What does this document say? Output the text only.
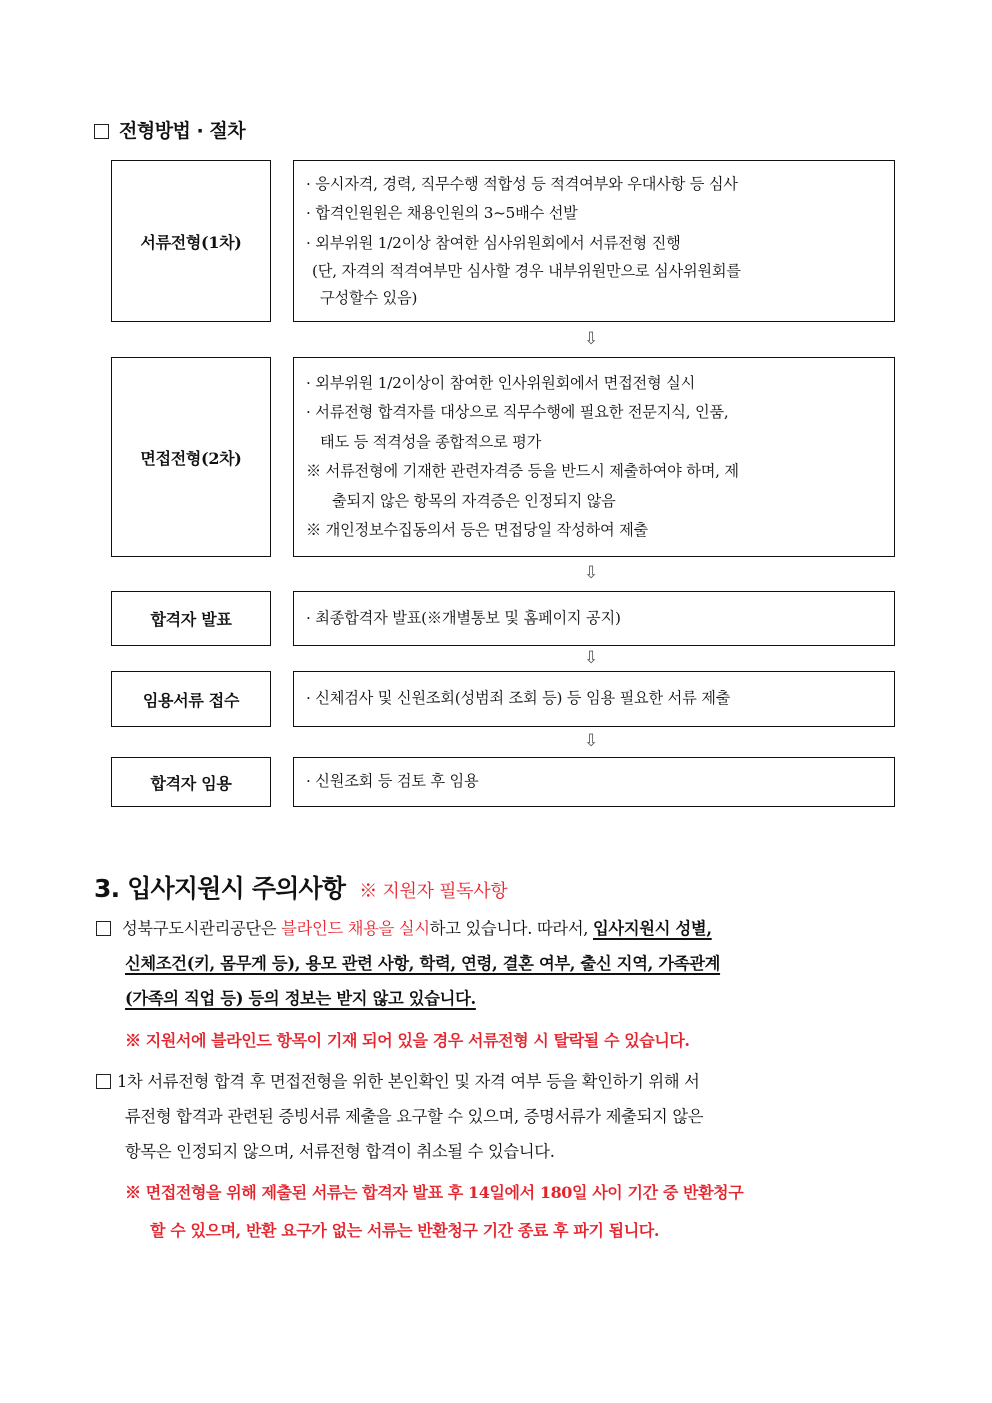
전형방법 · 절차
서류전형(1차)
· 응시자격, 경력, 직무수행 적합성 등 적격여부와 우대사항 등 심사
· 합격인원원은 채용인원의 3~5배수 선발
· 외부위원 1/2이상 참여한 심사위원회에서 서류전형 진행
(단, 자격의 적격여부만 심사할 경우 내부위원만으로 심사위원회를
구성할수 있음)
⇩
면접전형(2차)
· 외부위원 1/2이상이 참여한 인사위원회에서 면접전형 실시
· 서류전형 합격자를 대상으로 직무수행에 필요한 전문지식, 인품,
태도 등 적격성을 종합적으로 평가
※ 서류전형에 기재한 관련자격증 등을 반드시 제출하여야 하며, 제
출되지 않은 항목의 자격증은 인정되지 않음
※ 개인정보수집동의서 등은 면접당일 작성하여 제출
⇩
합격자 발표	· 최종합격자 발표(※개별통보 및 홈페이지 공지)
⇩
임용서류 접수	· 신체검사 및 신원조회(성범죄 조회 등) 등 임용 필요한 서류 제출
⇩
합격자 임용	· 신원조회 등 검토 후 임용
3. 입사지원시 주의사항 ※ 지원자 필독사항
성북구도시관리공단은 블라인드 채용을 실시하고 있습니다. 따라서, 입사지원시 성별,
신체조건(키, 몸무게 등), 용모 관련 사항, 학력, 연령, 결혼 여부, 출신 지역, 가족관계
(가족의 직업 등) 등의 정보는 받지 않고 있습니다.
※ 지원서에 블라인드 항목이 기재 되어 있을 경우 서류전형 시 탈락될 수 있습니다.
1차 서류전형 합격 후 면접전형을 위한 본인확인 및 자격 여부 등을 확인하기 위해 서
류전형 합격과 관련된 증빙서류 제출을 요구할 수 있으며, 증명서류가 제출되지 않은
항목은 인정되지 않으며, 서류전형 합격이 취소될 수 있습니다.
※ 면접전형을 위해 제출된 서류는 합격자 발표 후 14일에서 180일 사이 기간 중 반환청구
할 수 있으며, 반환 요구가 없는 서류는 반환청구 기간 종료 후 파기 됩니다.
